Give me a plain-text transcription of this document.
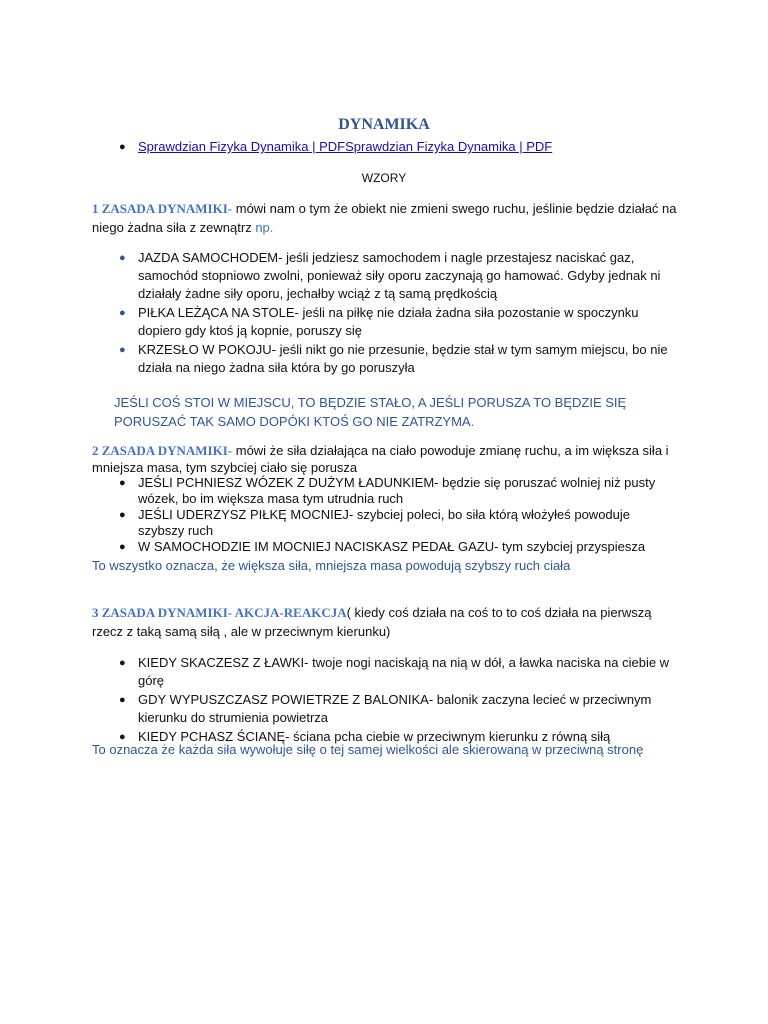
DYNAMIKA
● Sprawdzian Fizyka Dynamika | PDFSprawdzian Fizyka Dynamika | PDF
WZORY
1 ZASADA DYNAMIKI- mówi nam o tym że obiekt nie zmieni swego ruchu, jeślinie będzie działać na niego żadna siła z zewnątrz np.
● JAZDA SAMOCHODEM- jeśli jedziesz samochodem i nagle przestajesz naciskać gaz, samochód stopniowo zwolni, ponieważ siły oporu zaczynają go hamować. Gdyby jednak ni działały żadne siły oporu, jechałby wciąż z tą samą prędkością
● PIŁKA LEŻĄCA NA STOLE- jeśli na piłkę nie działa żadna siła pozostanie w spoczynku dopiero gdy ktoś ją kopnie, poruszy się
● KRZESŁO W POKOJU- jeśli nikt go nie przesunie, będzie stał w tym samym miejscu, bo nie działa na niego żadna siła która by go poruszyła
JEŚLI COŚ STOI W MIEJSCU, TO BĘDZIE STAŁO, A JEŚLI PORUSZA TO BĘDZIE SIĘ PORUSZAĆ TAK SAMO DOPÓKI KTOŚ GO NIE ZATRZYMA.
2 ZASADA DYNAMIKI- mówi że siła działająca na ciało powoduje zmianę ruchu, a im większa siła i mniejsza masa, tym szybciej ciało się porusza
● JEŚLI PCHNIESZ WÓZEK Z DUŻYM ŁADUNKIEM- będzie się poruszać wolniej niż pusty wózek, bo im większa masa tym utrudnia ruch
● JEŚLI UDERZYSZ PIŁKĘ MOCNIEJ- szybciej poleci, bo siła którą włożyłeś powoduje szybszy ruch
● W SAMOCHODZIE IM MOCNIEJ NACISKASZ PEDAŁ GAZU- tym szybciej przyspiesza
To wszystko oznacza, że większa siła, mniejsza masa powodują szybszy ruch ciała
3 ZASADA DYNAMIKI- AKCJA-REAKCJA( kiedy coś działa na coś to to coś działa na pierwszą rzecz z taką samą siłą , ale w przeciwnym kierunku)
● KIEDY SKACZESZ Z ŁAWKI- twoje nogi naciskają na nią w dół, a ławka naciska na ciebie w górę
● GDY WYPUSZCZASZ POWIETRZE Z BALONIKA- balonik zaczyna lecieć w przeciwnym kierunku do strumienia powietrza
● KIEDY PCHASZ ŚCIANĘ- ściana pcha ciebie w przeciwnym kierunku z równą siłą
To oznacza że każda siła wywołuje siłę o tej samej wielkości ale skierowaną w przeciwną stronę
